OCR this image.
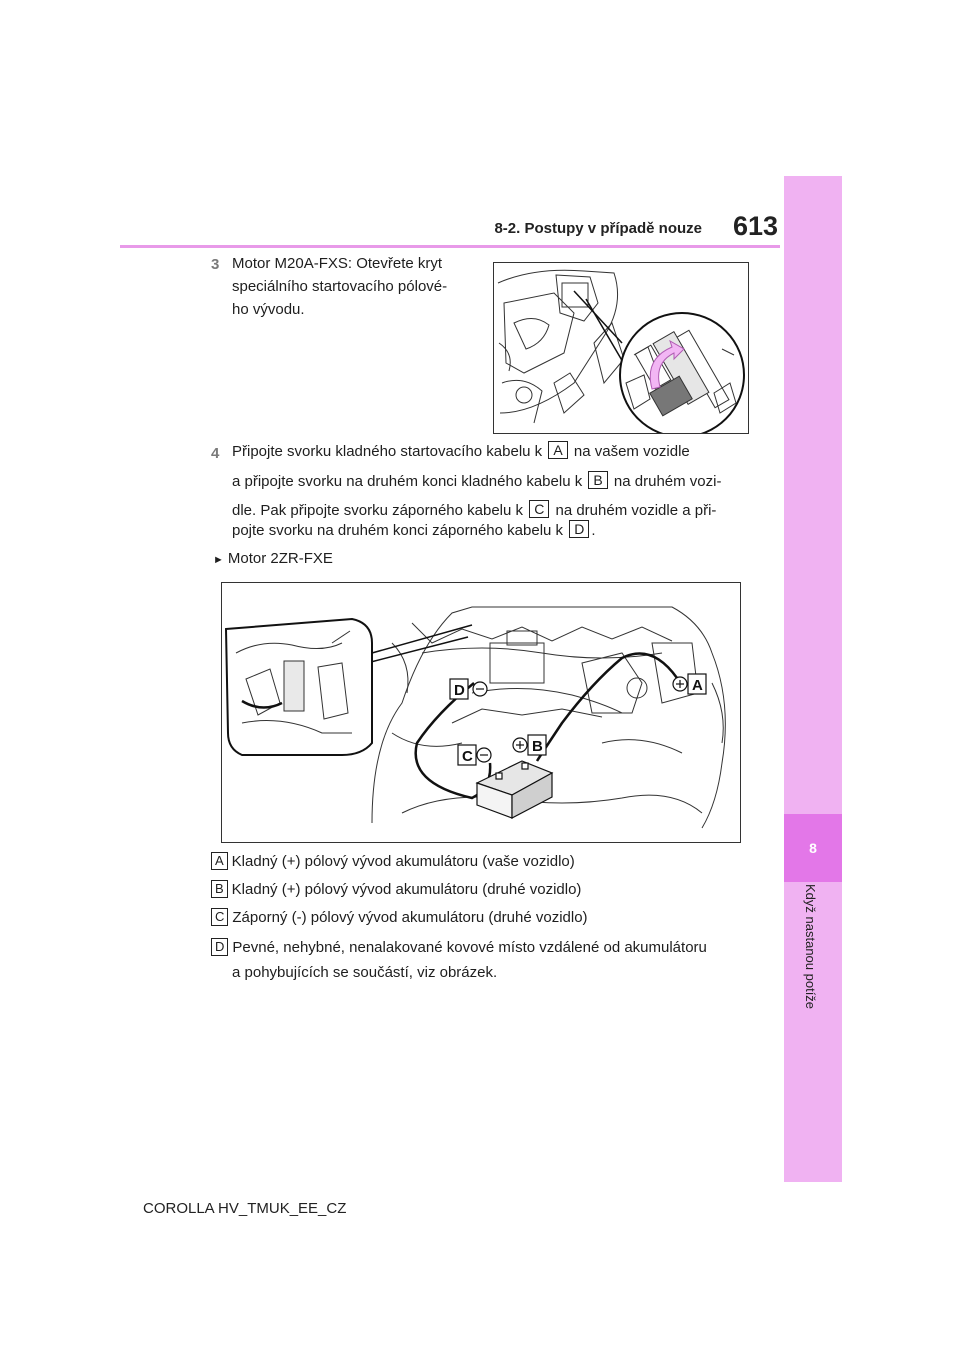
8
Když nastanou potíže
8-2. Postupy v případě nouze	613
3 Motor M20A-FXS: Otevřete kryt
speciálního startovacího pólové-
ho vývodu.
4 Připojte svorku kladného startovacího kabelu k A na vašem vozidle
a připojte svorku na druhém konci kladného kabelu k B na druhém vozi-
dle. Pak připojte svorku záporného kabelu k C na druhém vozidle a při-
pojte svorku na druhém konci záporného kabelu k D .
► Motor 2ZR-FXE
A
B
C
D
A Kladný (+) pólový vývod akumulátoru (vaše vozidlo)
B Kladný (+) pólový vývod akumulátoru (druhé vozidlo)
C Záporný (-) pólový vývod akumulátoru (druhé vozidlo)
D Pevné, nehybné, nenalakované kovové místo vzdálené od akumulátoru
a pohybujících se součástí, viz obrázek.
COROLLA HV_TMUK_EE_CZ
